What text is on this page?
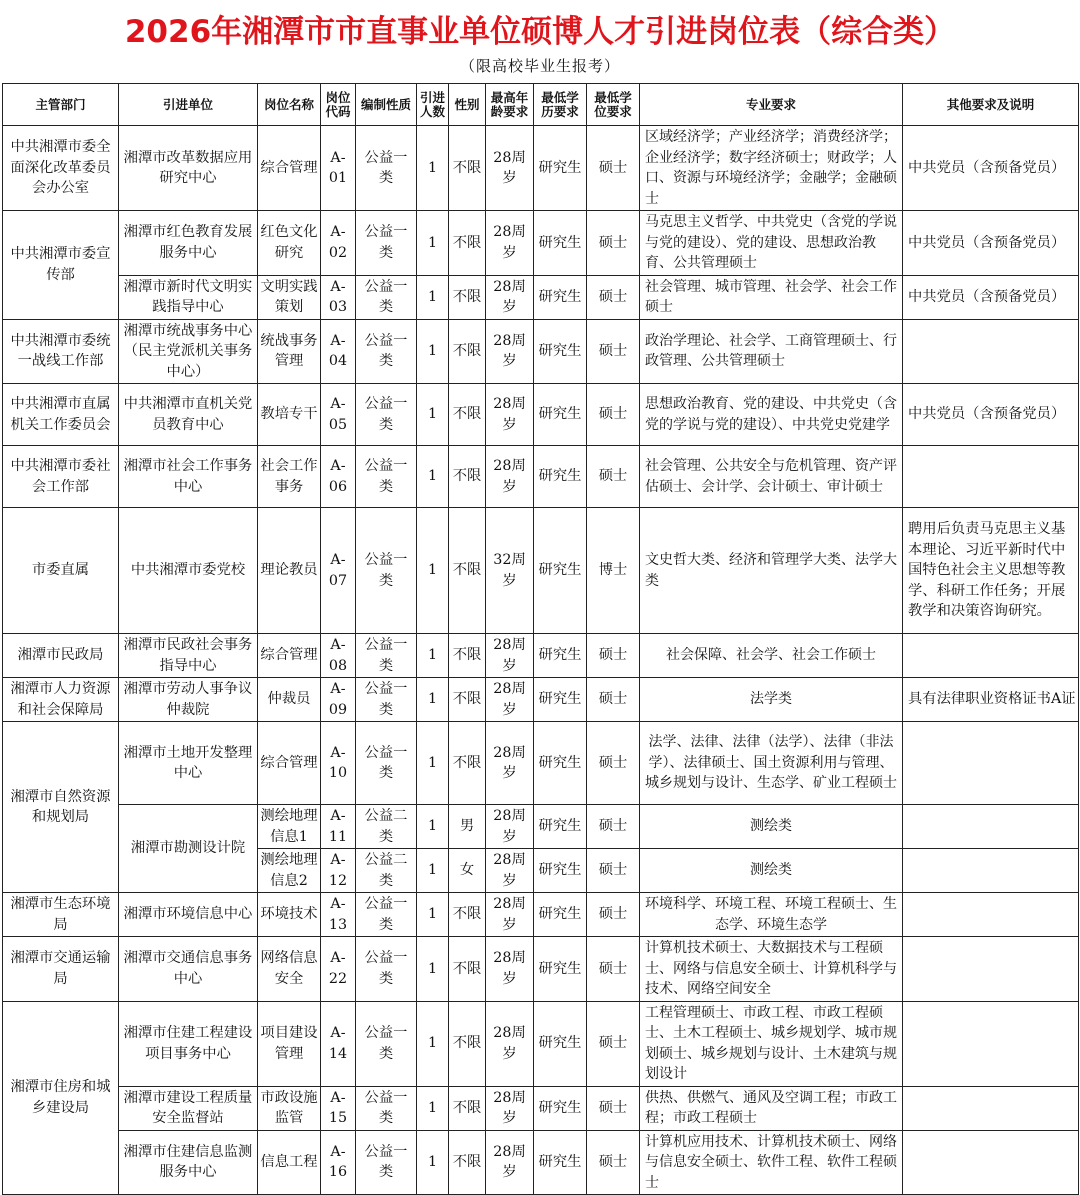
2026年湘潭市市直事业单位硕博人才引进岗位表（综合类）
（限高校毕业生报考）
主管部门	引进单位	岗位名称	岗位代码	编制性质	引进人数	性别	最高年龄要求	最低学历要求	最低学位要求	专业要求	其他要求及说明
中共湘潭市委全面深化改革委员会办公室	湘潭市改革数据应用研究中心	综合管理	A-01	公益一类	1	不限	28周岁	研究生	硕士	区域经济学；产业经济学；消费经济学；企业经济学；数字经济硕士；财政学；人口、资源与环境经济学；金融学；金融硕士	中共党员（含预备党员）
中共湘潭市委宣传部	湘潭市红色教育发展服务中心	红色文化研究	A-02	公益一类	1	不限	28周岁	研究生	硕士	马克思主义哲学、中共党史（含党的学说与党的建设）、党的建设、思想政治教育、公共管理硕士	中共党员（含预备党员）
	湘潭市新时代文明实践指导中心	文明实践策划	A-03	公益一类	1	不限	28周岁	研究生	硕士	社会管理、城市管理、社会学、社会工作硕士	中共党员（含预备党员）
中共湘潭市委统一战线工作部	湘潭市统战事务中心（民主党派机关事务中心）	统战事务管理	A-04	公益一类	1	不限	28周岁	研究生	硕士	政治学理论、社会学、工商管理硕士、行政管理、公共管理硕士	
中共湘潭市直属机关工作委员会	中共湘潭市直机关党员教育中心	教培专干	A-05	公益一类	1	不限	28周岁	研究生	硕士	思想政治教育、党的建设、中共党史（含党的学说与党的建设）、中共党史党建学	中共党员（含预备党员）
中共湘潭市委社会工作部	湘潭市社会工作事务中心	社会工作事务	A-06	公益一类	1	不限	28周岁	研究生	硕士	社会管理、公共安全与危机管理、资产评估硕士、会计学、会计硕士、审计硕士	
市委直属	中共湘潭市委党校	理论教员	A-07	公益一类	1	不限	32周岁	研究生	博士	文史哲大类、经济和管理学大类、法学大类	聘用后负责马克思主义基本理论、习近平新时代中国特色社会主义思想等教学、科研工作任务；开展教学和决策咨询研究。
湘潭市民政局	湘潭市民政社会事务指导中心	综合管理	A-08	公益一类	1	不限	28周岁	研究生	硕士	社会保障、社会学、社会工作硕士	
湘潭市人力资源和社会保障局	湘潭市劳动人事争议仲裁院	仲裁员	A-09	公益一类	1	不限	28周岁	研究生	硕士	法学类	具有法律职业资格证书A证
湘潭市自然资源和规划局	湘潭市土地开发整理中心	综合管理	A-10	公益一类	1	不限	28周岁	研究生	硕士	法学、法律、法律（法学）、法律（非法学）、法律硕士、国土资源利用与管理、城乡规划与设计、生态学、矿业工程硕士	
	湘潭市勘测设计院	测绘地理信息1	A-11	公益二类	1	男	28周岁	研究生	硕士	测绘类	
		测绘地理信息2	A-12	公益二类	1	女	28周岁	研究生	硕士	测绘类	
湘潭市生态环境局	湘潭市环境信息中心	环境技术	A-13	公益一类	1	不限	28周岁	研究生	硕士	环境科学、环境工程、环境工程硕士、生态学、环境生态学	
湘潭市交通运输局	湘潭市交通信息事务中心	网络信息安全	A-22	公益一类	1	不限	28周岁	研究生	硕士	计算机技术硕士、大数据技术与工程硕士、网络与信息安全硕士、计算机科学与技术、网络空间安全	
湘潭市住房和城乡建设局	湘潭市住建工程建设项目事务中心	项目建设管理	A-14	公益一类	1	不限	28周岁	研究生	硕士	工程管理硕士、市政工程、市政工程硕士、土木工程硕士、城乡规划学、城市规划硕士、城乡规划与设计、土木建筑与规划设计	
	湘潭市建设工程质量安全监督站	市政设施监管	A-15	公益一类	1	不限	28周岁	研究生	硕士	供热、供燃气、通风及空调工程；市政工程；市政工程硕士	
	湘潭市住建信息监测服务中心	信息工程	A-16	公益一类	1	不限	28周岁	研究生	硕士	计算机应用技术、计算机技术硕士、网络与信息安全硕士、软件工程、软件工程硕士	
